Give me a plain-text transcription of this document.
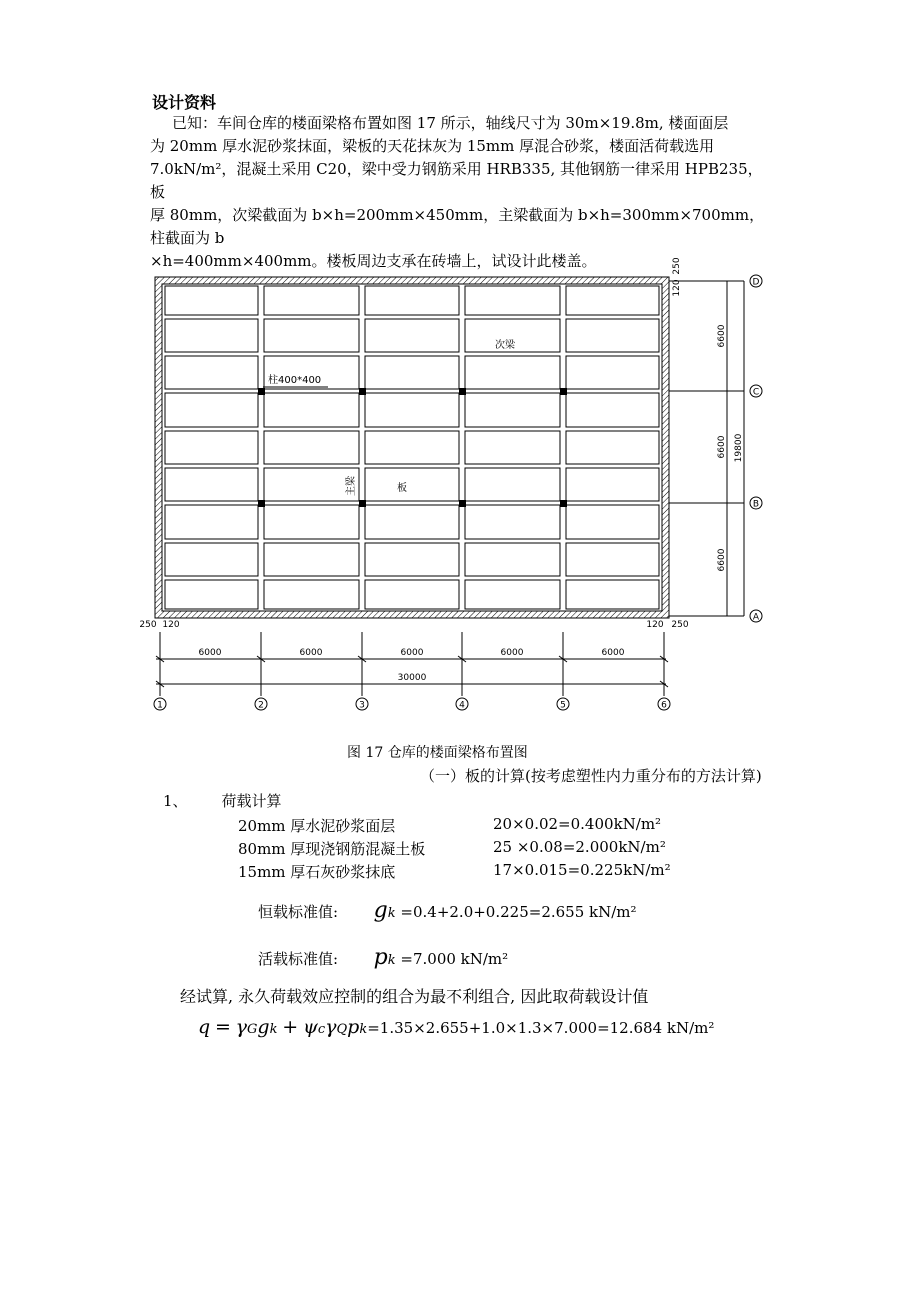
设计资料

已知：车间仓库的楼面梁格布置如图 17 所示，轴线尺寸为 30m×19.8m, 楼面面层

为 20mm 厚水泥砂浆抹面，梁板的天花抹灰为 15mm 厚混合砂浆，楼面活荷载选用

7.0kN/m²，混凝土采用 C20，梁中受力钢筋采用 HRB335, 其他钢筋一律采用 HPB235，板

厚 80mm，次梁截面为 b×h=200mm×450mm，主梁截面为 b×h=300mm×700mm，柱截面为 b

×h=400mm×400mm。楼板周边支承在砖墙上，试设计此楼盖。

D
C
B
A
1	2	3	4	5	6
6000	6000	6000	6000	6000
30000
6600
6600
6600
19800
250 120	120 250
120
250
柱400*400
次梁
板
主梁
图 17 仓库的楼面梁格布置图
（一）板的计算(按考虑塑性内力重分布的方法计算)
1、 荷载计算
20mm 厚水泥砂浆面层	20×0.02=0.400kN/m²
80mm 厚现浇钢筋混凝土板	25 ×0.08=2.000kN/m²
15mm 厚石灰砂浆抹底	17×0.015=0.225kN/m²
恒载标准值: gk =0.4+2.0+0.225=2.655 kN/m²
活载标准值: pk =7.000 kN/m²
经试算, 永久荷载效应控制的组合为最不利组合, 因此取荷载设计值
q = γGgk + ψcγQpk=1.35×2.655+1.0×1.3×7.000=12.684 kN/m²
